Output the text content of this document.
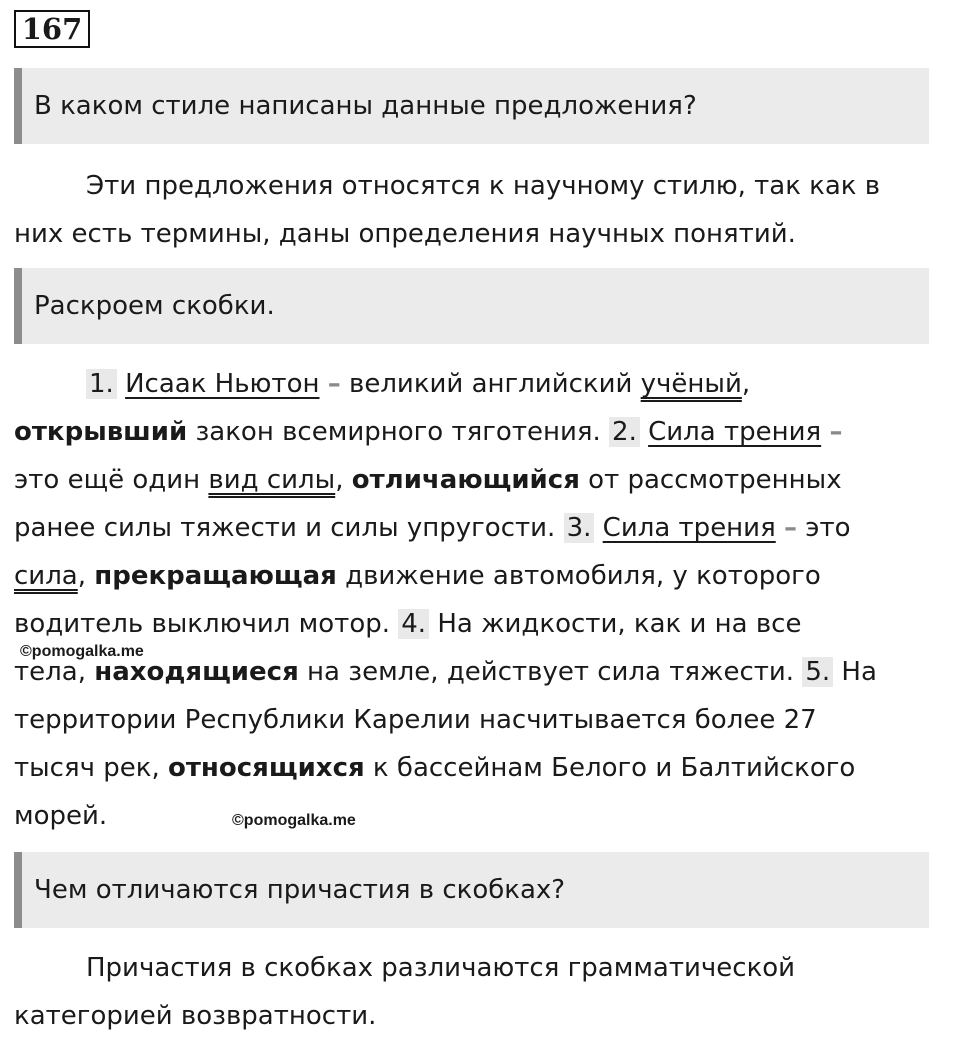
167
В каком стиле написаны данные предложения?
Эти предложения относятся к научному стилю, так как в
них есть термины, даны определения научных понятий.
Раскроем скобки.
1. Исаак Ньютон – великий английский учёный,
открывший закон всемирного тяготения. 2. Сила трения –
это ещё один вид силы, отличающийся от рассмотренных
ранее силы тяжести и силы упругости. 3. Сила трения – это
сила, прекращающая движение автомобиля, у которого
водитель выключил мотор. 4. На жидкости, как и на все
тела, находящиеся на земле, действует сила тяжести. 5. На
территории Республики Карелии насчитывается более 27
тысяч рек, относящихся к бассейнам Белого и Балтийского
морей.
©pomogalka.me
©pomogalka.me
Чем отличаются причастия в скобках?
Причастия в скобках различаются грамматической
категорией возвратности.
